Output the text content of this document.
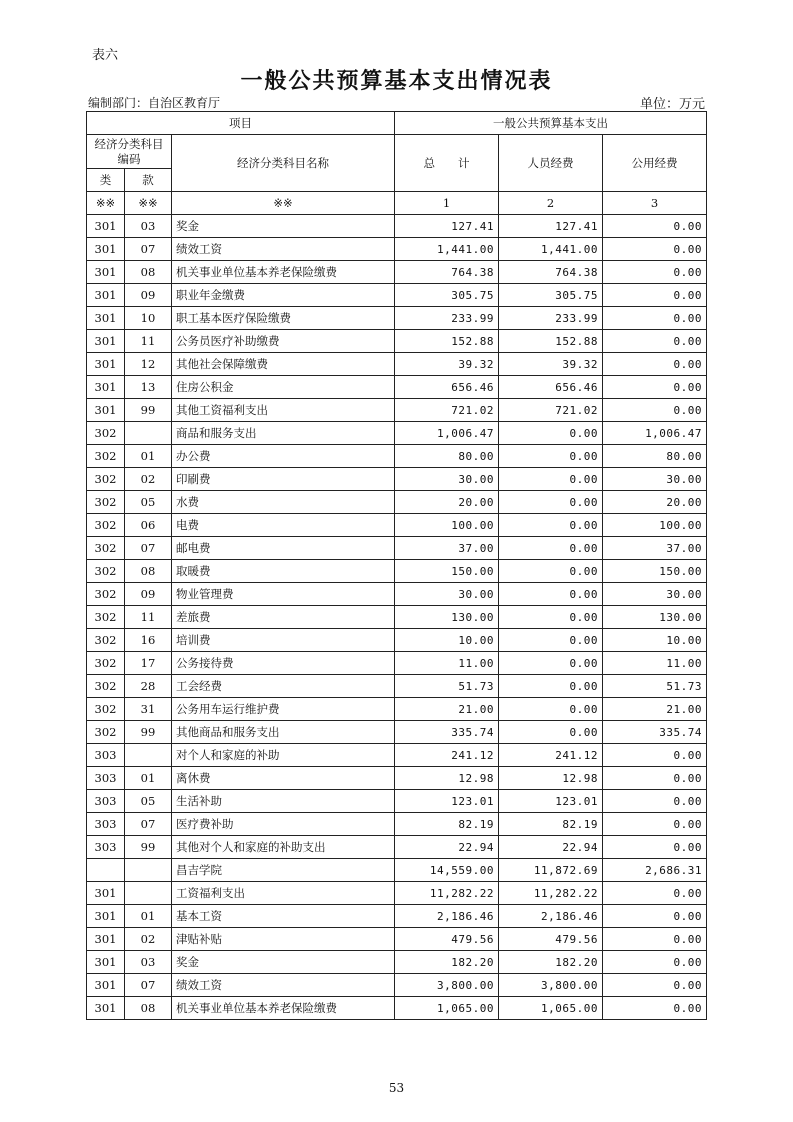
表六
一般公共预算基本支出情况表
编制部门：自治区教育厅	单位：万元
项目			一般公共预算基本支出		
经济分类科目编码		经济分类科目名称	总　　计	人员经费	公用经费
类	款				
※※	※※	※※	1	2	3
301	03	奖金	127.41	127.41	0.00
301	07	绩效工资	1,441.00	1,441.00	0.00
301	08	机关事业单位基本养老保险缴费	764.38	764.38	0.00
301	09	职业年金缴费	305.75	305.75	0.00
301	10	职工基本医疗保险缴费	233.99	233.99	0.00
301	11	公务员医疗补助缴费	152.88	152.88	0.00
301	12	其他社会保障缴费	39.32	39.32	0.00
301	13	住房公积金	656.46	656.46	0.00
301	99	其他工资福利支出	721.02	721.02	0.00
302		商品和服务支出	1,006.47	0.00	1,006.47
302	01	办公费	80.00	0.00	80.00
302	02	印刷费	30.00	0.00	30.00
302	05	水费	20.00	0.00	20.00
302	06	电费	100.00	0.00	100.00
302	07	邮电费	37.00	0.00	37.00
302	08	取暖费	150.00	0.00	150.00
302	09	物业管理费	30.00	0.00	30.00
302	11	差旅费	130.00	0.00	130.00
302	16	培训费	10.00	0.00	10.00
302	17	公务接待费	11.00	0.00	11.00
302	28	工会经费	51.73	0.00	51.73
302	31	公务用车运行维护费	21.00	0.00	21.00
302	99	其他商品和服务支出	335.74	0.00	335.74
303		对个人和家庭的补助	241.12	241.12	0.00
303	01	离休费	12.98	12.98	0.00
303	05	生活补助	123.01	123.01	0.00
303	07	医疗费补助	82.19	82.19	0.00
303	99	其他对个人和家庭的补助支出	22.94	22.94	0.00
		昌吉学院	14,559.00	11,872.69	2,686.31
301		工资福利支出	11,282.22	11,282.22	0.00
301	01	基本工资	2,186.46	2,186.46	0.00
301	02	津贴补贴	479.56	479.56	0.00
301	03	奖金	182.20	182.20	0.00
301	07	绩效工资	3,800.00	3,800.00	0.00
301	08	机关事业单位基本养老保险缴费	1,065.00	1,065.00	0.00
53
